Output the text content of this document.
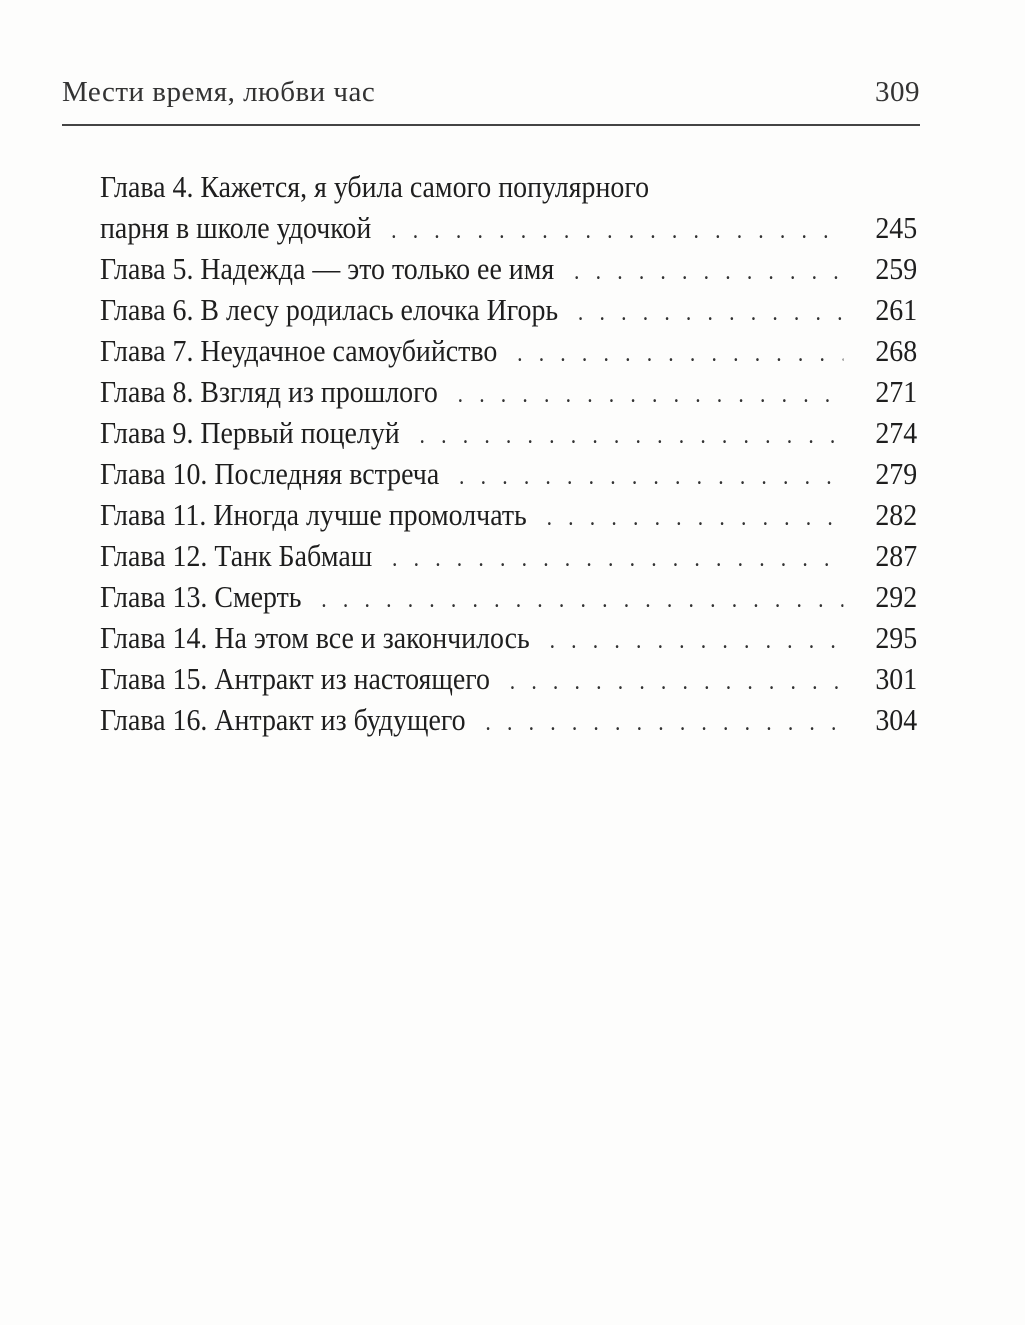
Мести время, любви час	309
Глава 4. Кажется, я убила самого популярного
парня в школе удочкой . . .	245
Глава 5. Надежда — это только ее имя . . .	259
Глава 6. В лесу родилась елочка Игорь . . .	261
Глава 7. Неудачное самоубийство . . .	268
Глава 8. Взгляд из прошлого . . .	271
Глава 9. Первый поцелуй . . .	274
Глава 10. Последняя встреча . . .	279
Глава 11. Иногда лучше промолчать . . .	282
Глава 12. Танк Бабмаш . . .	287
Глава 13. Смерть . . .	292
Глава 14. На этом все и закончилось . . .	295
Глава 15. Антракт из настоящего . . .	301
Глава 16. Антракт из будущего . . .	304
